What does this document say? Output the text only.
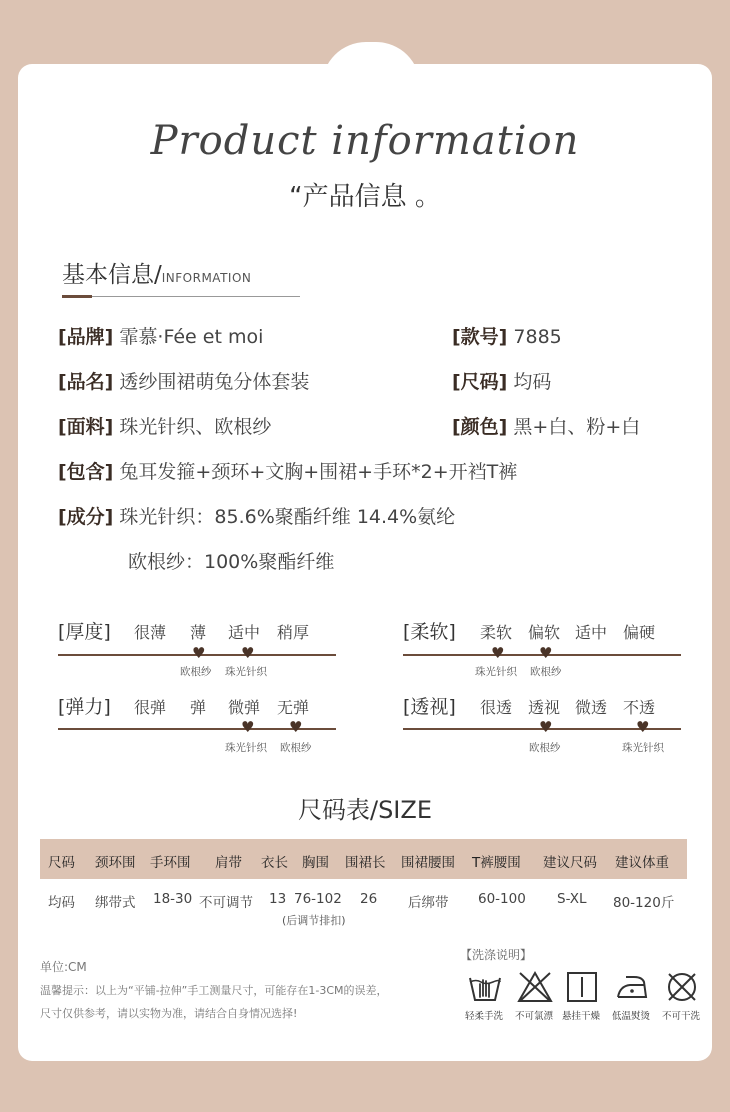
Product information
“产品信息 。
基本信息/INFORMATION
[品牌] 霏慕·Fée et moi	[款号] 7885
[品名] 透纱围裙萌兔分体套装	[尺码] 均码
[面料] 珠光针织、欧根纱	[颜色] 黑+白、粉+白
[包含] 兔耳发箍+颈环+文胸+围裙+手环*2+开裆T裤
[成分] 珠光针织：85.6%聚酯纤维 14.4%氨纶
欧根纱：100%聚酯纤维
[厚度] 很薄 薄 适中 稍厚
♥ ♥
欧根纱 珠光针织
[柔软] 柔软 偏软 适中 偏硬
♥ ♥
珠光针织 欧根纱
[弹力] 很弹 弹 微弹 无弹
♥ ♥
珠光针织 欧根纱
[透视] 很透 透视 微透 不透
♥	♥
欧根纱	珠光针织
尺码表/SIZE
尺码 颈环围 手环围 肩带 衣长 胸围 围裙长 围裙腰围 T裤腰围 建议尺码 建议体重
均码 绑带式 18-30 不可调节 13 76-102 26 后绑带 60-100 S-XL 80-120斤
(后调节排扣)
单位:CM
温馨提示：以上为“平铺-拉伸”手工测量尺寸，可能存在1-3CM的误差，
尺寸仅供参考，请以实物为准，请结合自身情况选择!
【洗涤说明】
轻柔手洗 不可氯漂 悬挂干燥 低温熨烫 不可干洗
